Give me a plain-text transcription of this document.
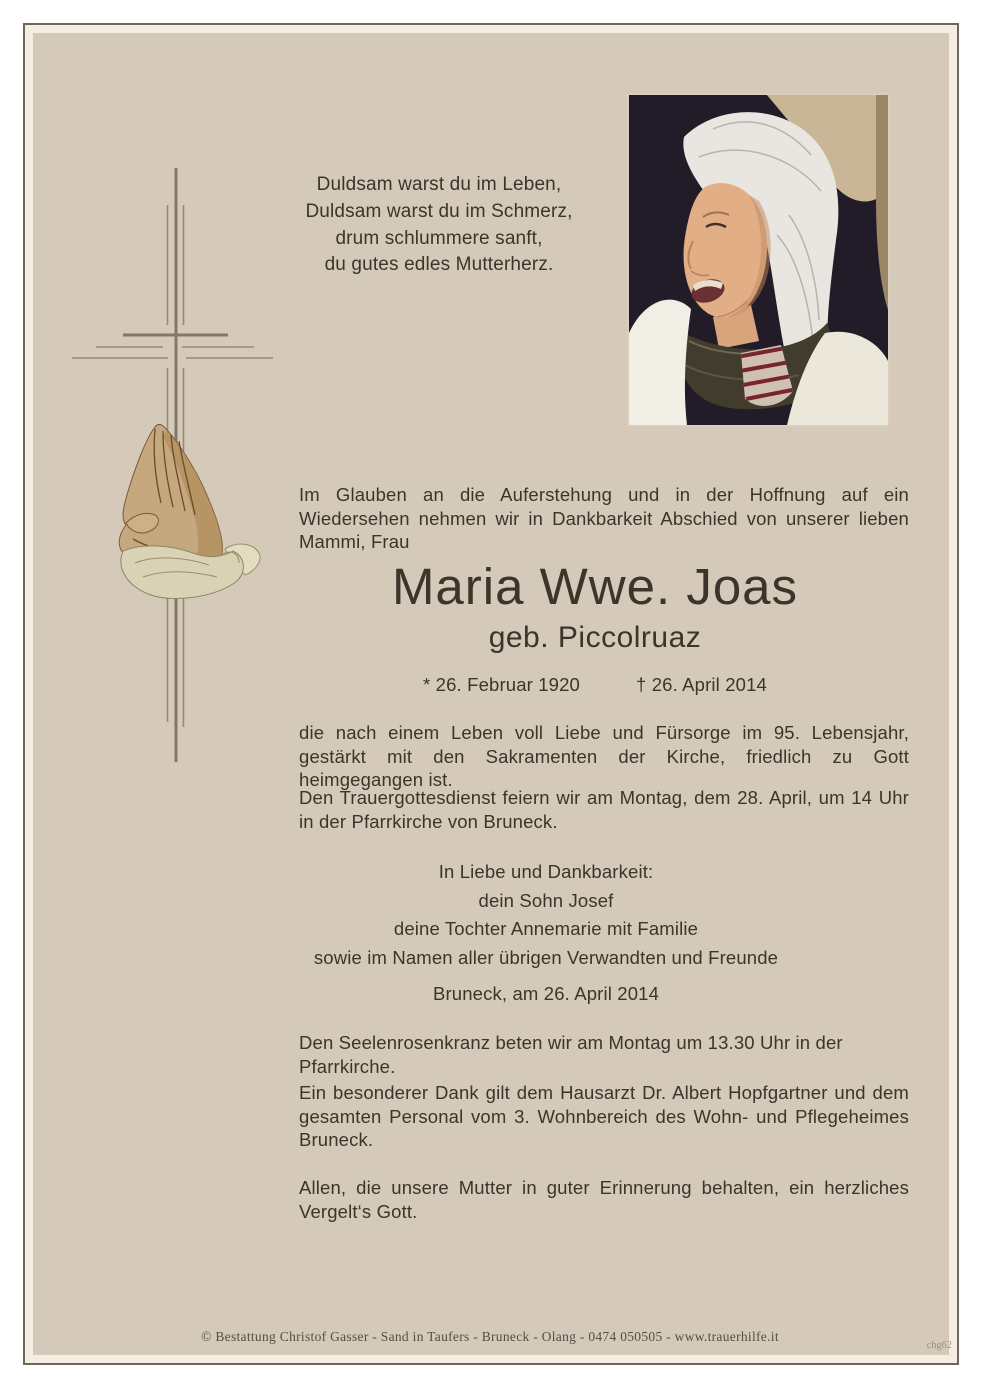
Duldsam warst du im Leben,
Duldsam warst du im Schmerz,
drum schlummere sanft,
du gutes edles Mutterherz.
Im Glauben an die Auferstehung und in der Hoffnung auf ein Wiedersehen nehmen wir in Dankbarkeit Abschied von unserer lieben Mammi, Frau
Maria Wwe. Joas
geb. Piccolruaz
* 26. Februar 1920	† 26. April 2014
die nach einem Leben voll Liebe und Fürsorge im 95. Lebensjahr, gestärkt mit den Sakramenten der Kirche, friedlich zu Gott heimgegangen ist.
Den Trauergottesdienst feiern wir am Montag, dem 28. April, um 14 Uhr in der Pfarrkirche von Bruneck.
In Liebe und Dankbarkeit:
dein Sohn Josef
deine Tochter Annemarie mit Familie
sowie im Namen aller übrigen Verwandten und Freunde
Bruneck, am 26. April 2014
Den Seelenrosenkranz beten wir am Montag um 13.30 Uhr in der Pfarrkirche.
Ein besonderer Dank gilt dem Hausarzt Dr. Albert Hopfgartner und dem gesamten Personal vom 3. Wohnbereich des Wohn- und Pflegeheimes Bruneck.
Allen, die unsere Mutter in guter Erinnerung behalten, ein herzliches Vergelt‘s Gott.
© Bestattung Christof Gasser - Sand in Taufers - Bruneck - Olang - 0474 050505 - www.trauerhilfe.it
chg62
